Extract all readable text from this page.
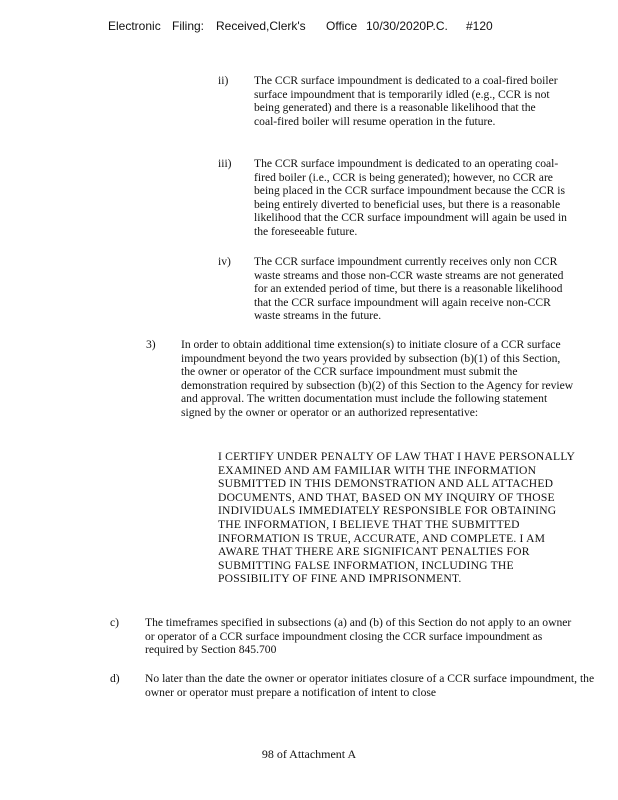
Electronic Filing: Received,Clerk's Office 10/30/2020P.C. #120
ii) The CCR surface impoundment is dedicated to a coal-fired boiler surface impoundment that is temporarily idled (e.g., CCR is not being generated) and there is a reasonable likelihood that the coal-fired boiler will resume operation in the future.
iii) The CCR surface impoundment is dedicated to an operating coal-fired boiler (i.e., CCR is being generated); however, no CCR are being placed in the CCR surface impoundment because the CCR is being entirely diverted to beneficial uses, but there is a reasonable likelihood that the CCR surface impoundment will again be used in the foreseeable future.
iv) The CCR surface impoundment currently receives only non CCR waste streams and those non-CCR waste streams are not generated for an extended period of time, but there is a reasonable likelihood that the CCR surface impoundment will again receive non-CCR waste streams in the future.
3) In order to obtain additional time extension(s) to initiate closure of a CCR surface impoundment beyond the two years provided by subsection (b)(1) of this Section, the owner or operator of the CCR surface impoundment must submit the demonstration required by subsection (b)(2) of this Section to the Agency for review and approval. The written documentation must include the following statement signed by the owner or operator or an authorized representative:
I CERTIFY UNDER PENALTY OF LAW THAT I HAVE PERSONALLY EXAMINED AND AM FAMILIAR WITH THE INFORMATION SUBMITTED IN THIS DEMONSTRATION AND ALL ATTACHED DOCUMENTS, AND THAT, BASED ON MY INQUIRY OF THOSE INDIVIDUALS IMMEDIATELY RESPONSIBLE FOR OBTAINING THE INFORMATION, I BELIEVE THAT THE SUBMITTED INFORMATION IS TRUE, ACCURATE, AND COMPLETE. I AM AWARE THAT THERE ARE SIGNIFICANT PENALTIES FOR SUBMITTING FALSE INFORMATION, INCLUDING THE POSSIBILITY OF FINE AND IMPRISONMENT.
c) The timeframes specified in subsections (a) and (b) of this Section do not apply to an owner or operator of a CCR surface impoundment closing the CCR surface impoundment as required by Section 845.700
d) No later than the date the owner or operator initiates closure of a CCR surface impoundment, the owner or operator must prepare a notification of intent to close
98 of Attachment A
